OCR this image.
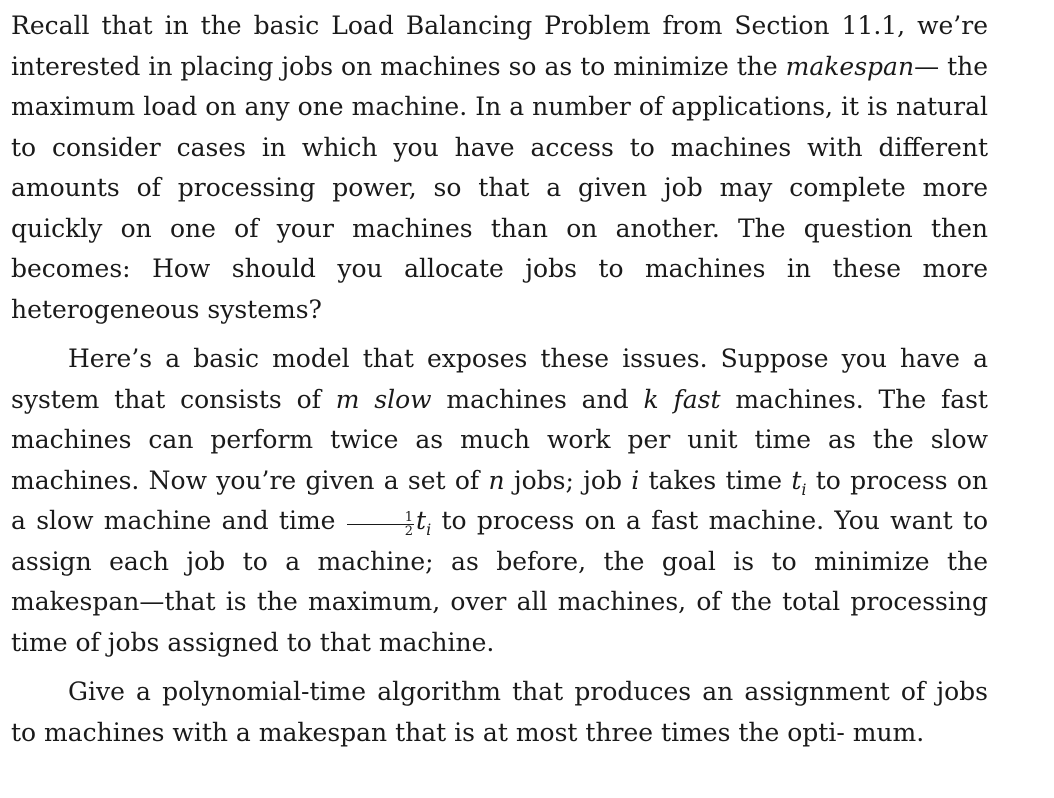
Recall that in the basic Load Balancing Problem from Section 11.1, we’re interested in placing jobs on machines so as to minimize the makespan— the maximum load on any one machine. In a number of applications, it is natural to consider cases in which you have access to machines with different amounts of processing power, so that a given job may complete more quickly on one of your machines than on another. The question then becomes: How should you allocate jobs to machines in these more heterogeneous systems?

Here’s a basic model that exposes these issues. Suppose you have a system that consists of m slow machines and k fast machines. The fast machines can perform twice as much work per unit time as the slow machines. Now you’re given a set of n jobs; job i takes time $t_i$ to process on a slow machine and time $\frac{1}{2} t_i$ to process on a fast machine. You want to assign each job to a machine; as before, the goal is to minimize the makespan—that is the maximum, over all machines, of the total processing time of jobs assigned to that machine.

Give a polynomial-time algorithm that produces an assignment of jobs to machines with a makespan that is at most three times the opti- mum.
